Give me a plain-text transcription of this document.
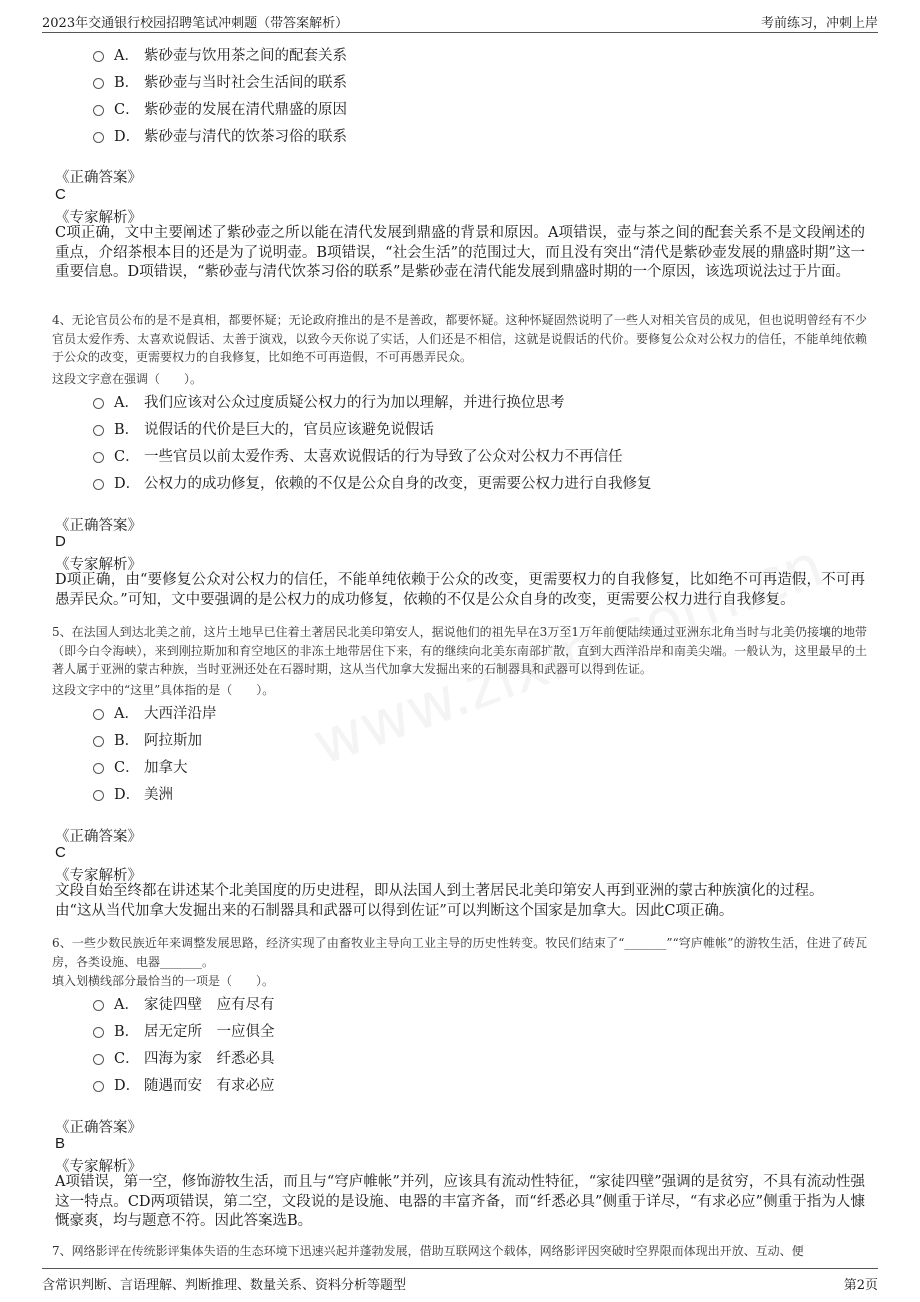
2023年交通银行校园招聘笔试冲刺题（带答案解析）	考前练习，冲刺上岸
A． 紫砂壶与饮用茶之间的配套关系
B． 紫砂壶与当时社会生活间的联系
C． 紫砂壶的发展在清代鼎盛的原因
D． 紫砂壶与清代的饮茶习俗的联系
《正确答案》
C
《专家解析》
C项正确，文中主要阐述了紫砂壶之所以能在清代发展到鼎盛的背景和原因。A项错误，壶与茶之间的配套关系不是文段阐述的重点，介绍茶根本目的还是为了说明壶。B项错误，“社会生活”的范围过大，而且没有突出“清代是紫砂壶发展的鼎盛时期”这一重要信息。D项错误，“紫砂壶与清代饮茶习俗的联系”是紫砂壶在清代能发展到鼎盛时期的一个原因，该选项说法过于片面。
4、无论官员公布的是不是真相，都要怀疑；无论政府推出的是不是善政，都要怀疑。这种怀疑固然说明了一些人对相关官员的成见，但也说明曾经有不少官员太爱作秀、太喜欢说假话、太善于演戏，以致今天你说了实话，人们还是不相信，这就是说假话的代价。要修复公众对公权力的信任，不能单纯依赖于公众的改变，更需要权力的自我修复，比如绝不可再造假，不可再愚弄民众。
这段文字意在强调（　　）。
A． 我们应该对公众过度质疑公权力的行为加以理解，并进行换位思考
B． 说假话的代价是巨大的，官员应该避免说假话
C． 一些官员以前太爱作秀、太喜欢说假话的行为导致了公众对公权力不再信任
D． 公权力的成功修复，依赖的不仅是公众自身的改变，更需要公权力进行自我修复
《正确答案》
D
《专家解析》
D项正确，由“要修复公众对公权力的信任，不能单纯依赖于公众的改变，更需要权力的自我修复，比如绝不可再造假，不可再愚弄民众。”可知，文中要强调的是公权力的成功修复，依赖的不仅是公众自身的改变，更需要公权力进行自我修复。
5、在法国人到达北美之前，这片土地早已住着土著居民北美印第安人，据说他们的祖先早在3万至1万年前便陆续通过亚洲东北角当时与北美仍接壤的地带（即今白令海峡），来到刚拉斯加和育空地区的非冻土地带居住下来，有的继续向北美东南部扩散，直到大西洋沿岸和南美尖端。一般认为，这里最早的土著人属于亚洲的蒙古种族，当时亚洲还处在石器时期，这从当代加拿大发掘出来的石制器具和武器可以得到佐证。
这段文字中的“这里”具体指的是（　　）。
A． 大西洋沿岸
B． 阿拉斯加
C． 加拿大
D． 美洲
《正确答案》
C
《专家解析》
文段自始至终都在讲述某个北美国度的历史进程，即从法国人到土著居民北美印第安人再到亚洲的蒙古种族演化的过程。
由“这从当代加拿大发掘出来的石制器具和武器可以得到佐证”可以判断这个国家是加拿大。因此C项正确。
6、一些少数民族近年来调整发展思路，经济实现了由畜牧业主导向工业主导的历史性转变。牧民们结束了“_______”“穹庐帷帐”的游牧生活，住进了砖瓦房，各类设施、电器_______。
填入划横线部分最恰当的一项是（　　）。
A． 家徒四壁　应有尽有
B． 居无定所　一应俱全
C． 四海为家　纤悉必具
D． 随遇而安　有求必应
《正确答案》
B
《专家解析》
A项错误，第一空，修饰游牧生活，而且与“穹庐帷帐”并列，应该具有流动性特征，“家徒四壁”强调的是贫穷，不具有流动性强这一特点。CD两项错误，第二空，文段说的是设施、电器的丰富齐备，而“纤悉必具”侧重于详尽，“有求必应”侧重于指为人慷慨豪爽，均与题意不符。因此答案选B。
7、网络影评在传统影评集体失语的生态环境下迅速兴起并蓬勃发展，借助互联网这个载体，网络影评因突破时空界限而体现出开放、互动、便
含常识判断、言语理解、判断推理、数量关系、资料分析等题型	第2页
